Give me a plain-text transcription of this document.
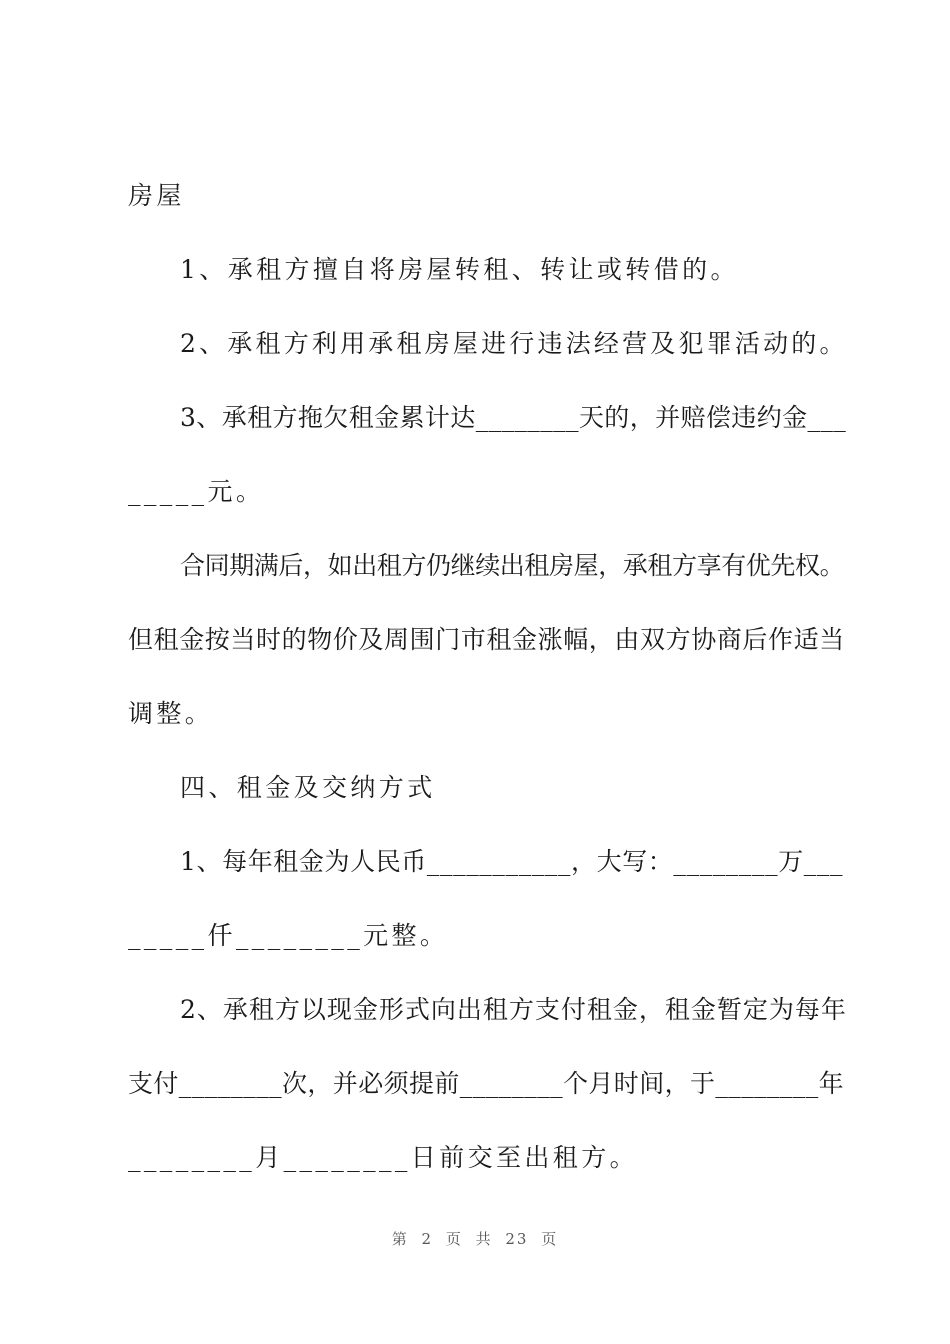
房屋
1、承租方擅自将房屋转租、转让或转借的。
2、承租方利用承租房屋进行违法经营及犯罪活动的。
3、承租方拖欠租金累计达________天的，并赔偿违约金___
_____元。
合同期满后，如出租方仍继续出租房屋，承租方享有优先权。
但租金按当时的物价及周围门市租金涨幅，由双方协商后作适当
调整。
四、租金及交纳方式
1、每年租金为人民币___________，大写：________万___
_____仟________元整。
2、承租方以现金形式向出租方支付租金，租金暂定为每年
支付________次，并必须提前________个月时间，于________年
________月________日前交至出租方。
第 2 页 共 23 页
